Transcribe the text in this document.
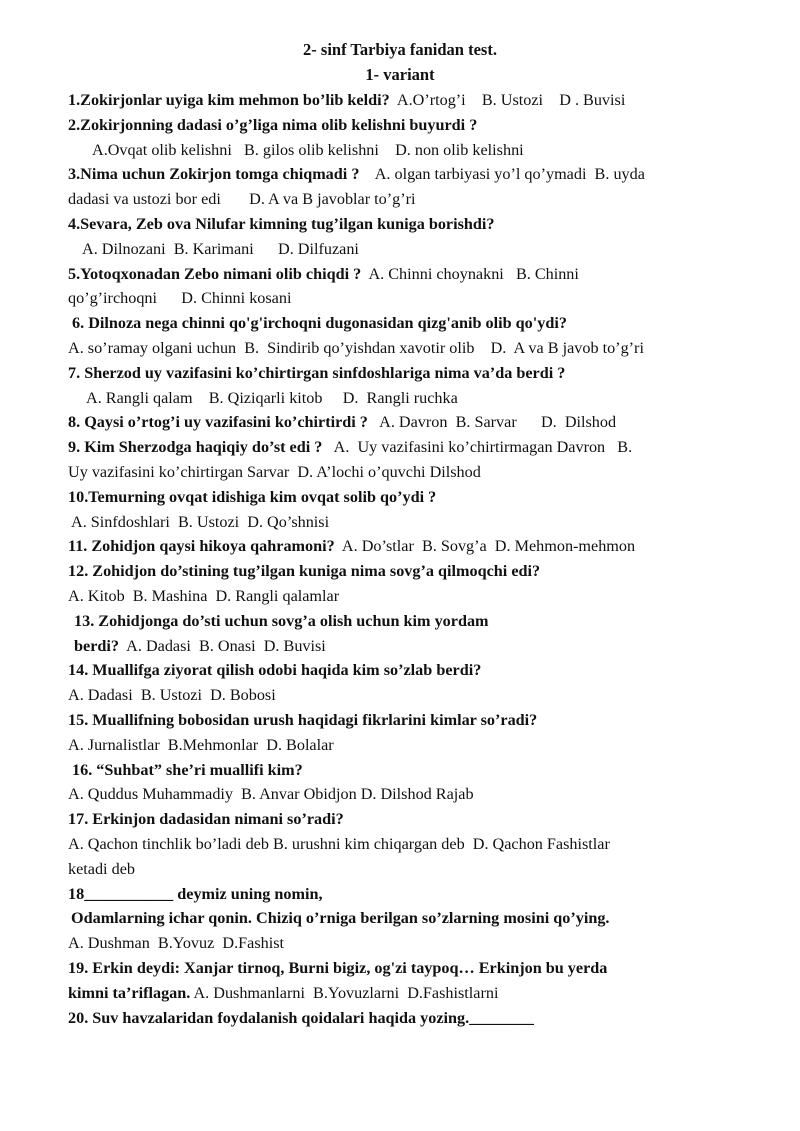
2- sinf Tarbiya fanidan test.
1- variant
1.Zokirjonlar uyiga kim mehmon bo’lib keldi?  A.O’rtog’i    B. Ustozi    D . Buvisi
2.Zokirjonning dadasi o’g’liga nima olib kelishni buyurdi ?
A.Ovqat olib kelishni   B. gilos olib kelishni    D. non olib kelishni
3.Nima uchun Zokirjon tomga chiqmadi ?    A. olgan tarbiyasi yo’l qo’ymadi  B. uyda
dadasi va ustozi bor edi       D. A va B javoblar to’g’ri
4.Sevara, Zeb ova Nilufar kimning tug’ilgan kuniga borishdi?
A. Dilnozani  B. Karimani      D. Dilfuzani
5.Yotoqxonadan Zebo nimani olib chiqdi ?  A. Chinni choynakni   B. Chinni
qo’g’irchoqni      D. Chinni kosani
6. Dilnoza nega chinni qo'g'irchoqni dugonasidan qizg'anib olib qo'ydi?
A. so’ramay olgani uchun  B.  Sindirib qo’yishdan xavotir olib    D.  A va B javob to’g’ri
7. Sherzod uy vazifasini ko’chirtirgan sinfdoshlariga nima va’da berdi ?
A. Rangli qalam    B. Qiziqarli kitob     D.  Rangli ruchka
8. Qaysi o’rtog’i uy vazifasini ko’chirtirdi ?   A. Davron  B. Sarvar      D.  Dilshod
9. Kim Sherzodga haqiqiy do’st edi ?   A.  Uy vazifasini ko’chirtirmagan Davron   B.
Uy vazifasini ko’chirtirgan Sarvar  D. A’lochi o’quvchi Dilshod
10.Temurning ovqat idishiga kim ovqat solib qo’ydi ?
A. Sinfdoshlari  B. Ustozi  D. Qo’shnisi
11. Zohidjon qaysi hikoya qahramoni?  A. Do’stlar  B. Sovg’a  D. Mehmon-mehmon
12. Zohidjon do’stining tug’ilgan kuniga nima sovg’a qilmoqchi edi?
A. Kitob  B. Mashina  D. Rangli qalamlar
13. Zohidjonga do’sti uchun sovg’a olish uchun kim yordam
berdi?  A. Dadasi  B. Onasi  D. Buvisi
14. Muallifga ziyorat qilish odobi haqida kim so’zlab berdi?
A. Dadasi  B. Ustozi  D. Bobosi
15. Muallifning bobosidan urush haqidagi fikrlarini kimlar so’radi?
A. Jurnalistlar  B.Mehmonlar  D. Bolalar
16. “Suhbat” she’ri muallifi kim?
A. Quddus Muhammadiy  B. Anvar Obidjon D. Dilshod Rajab
17. Erkinjon dadasidan nimani so’radi?
A. Qachon tinchlik bo’ladi deb B. urushni kim chiqargan deb  D. Qachon Fashistlar
ketadi deb
18___________ deymiz uning nomin,
Odamlarning ichar qonin. Chiziq o’rniga berilgan so’zlarning mosini qo’ying.
A. Dushman  B.Yovuz  D.Fashist
19. Erkin deydi: Xanjar tirnoq, Burni bigiz, og'zi taypoq… Erkinjon bu yerda
kimni ta’riflagan. A. Dushmanlarni  B.Yovuzlarni  D.Fashistlarni
20. Suv havzalaridan foydalanish qoidalari haqida yozing.________
